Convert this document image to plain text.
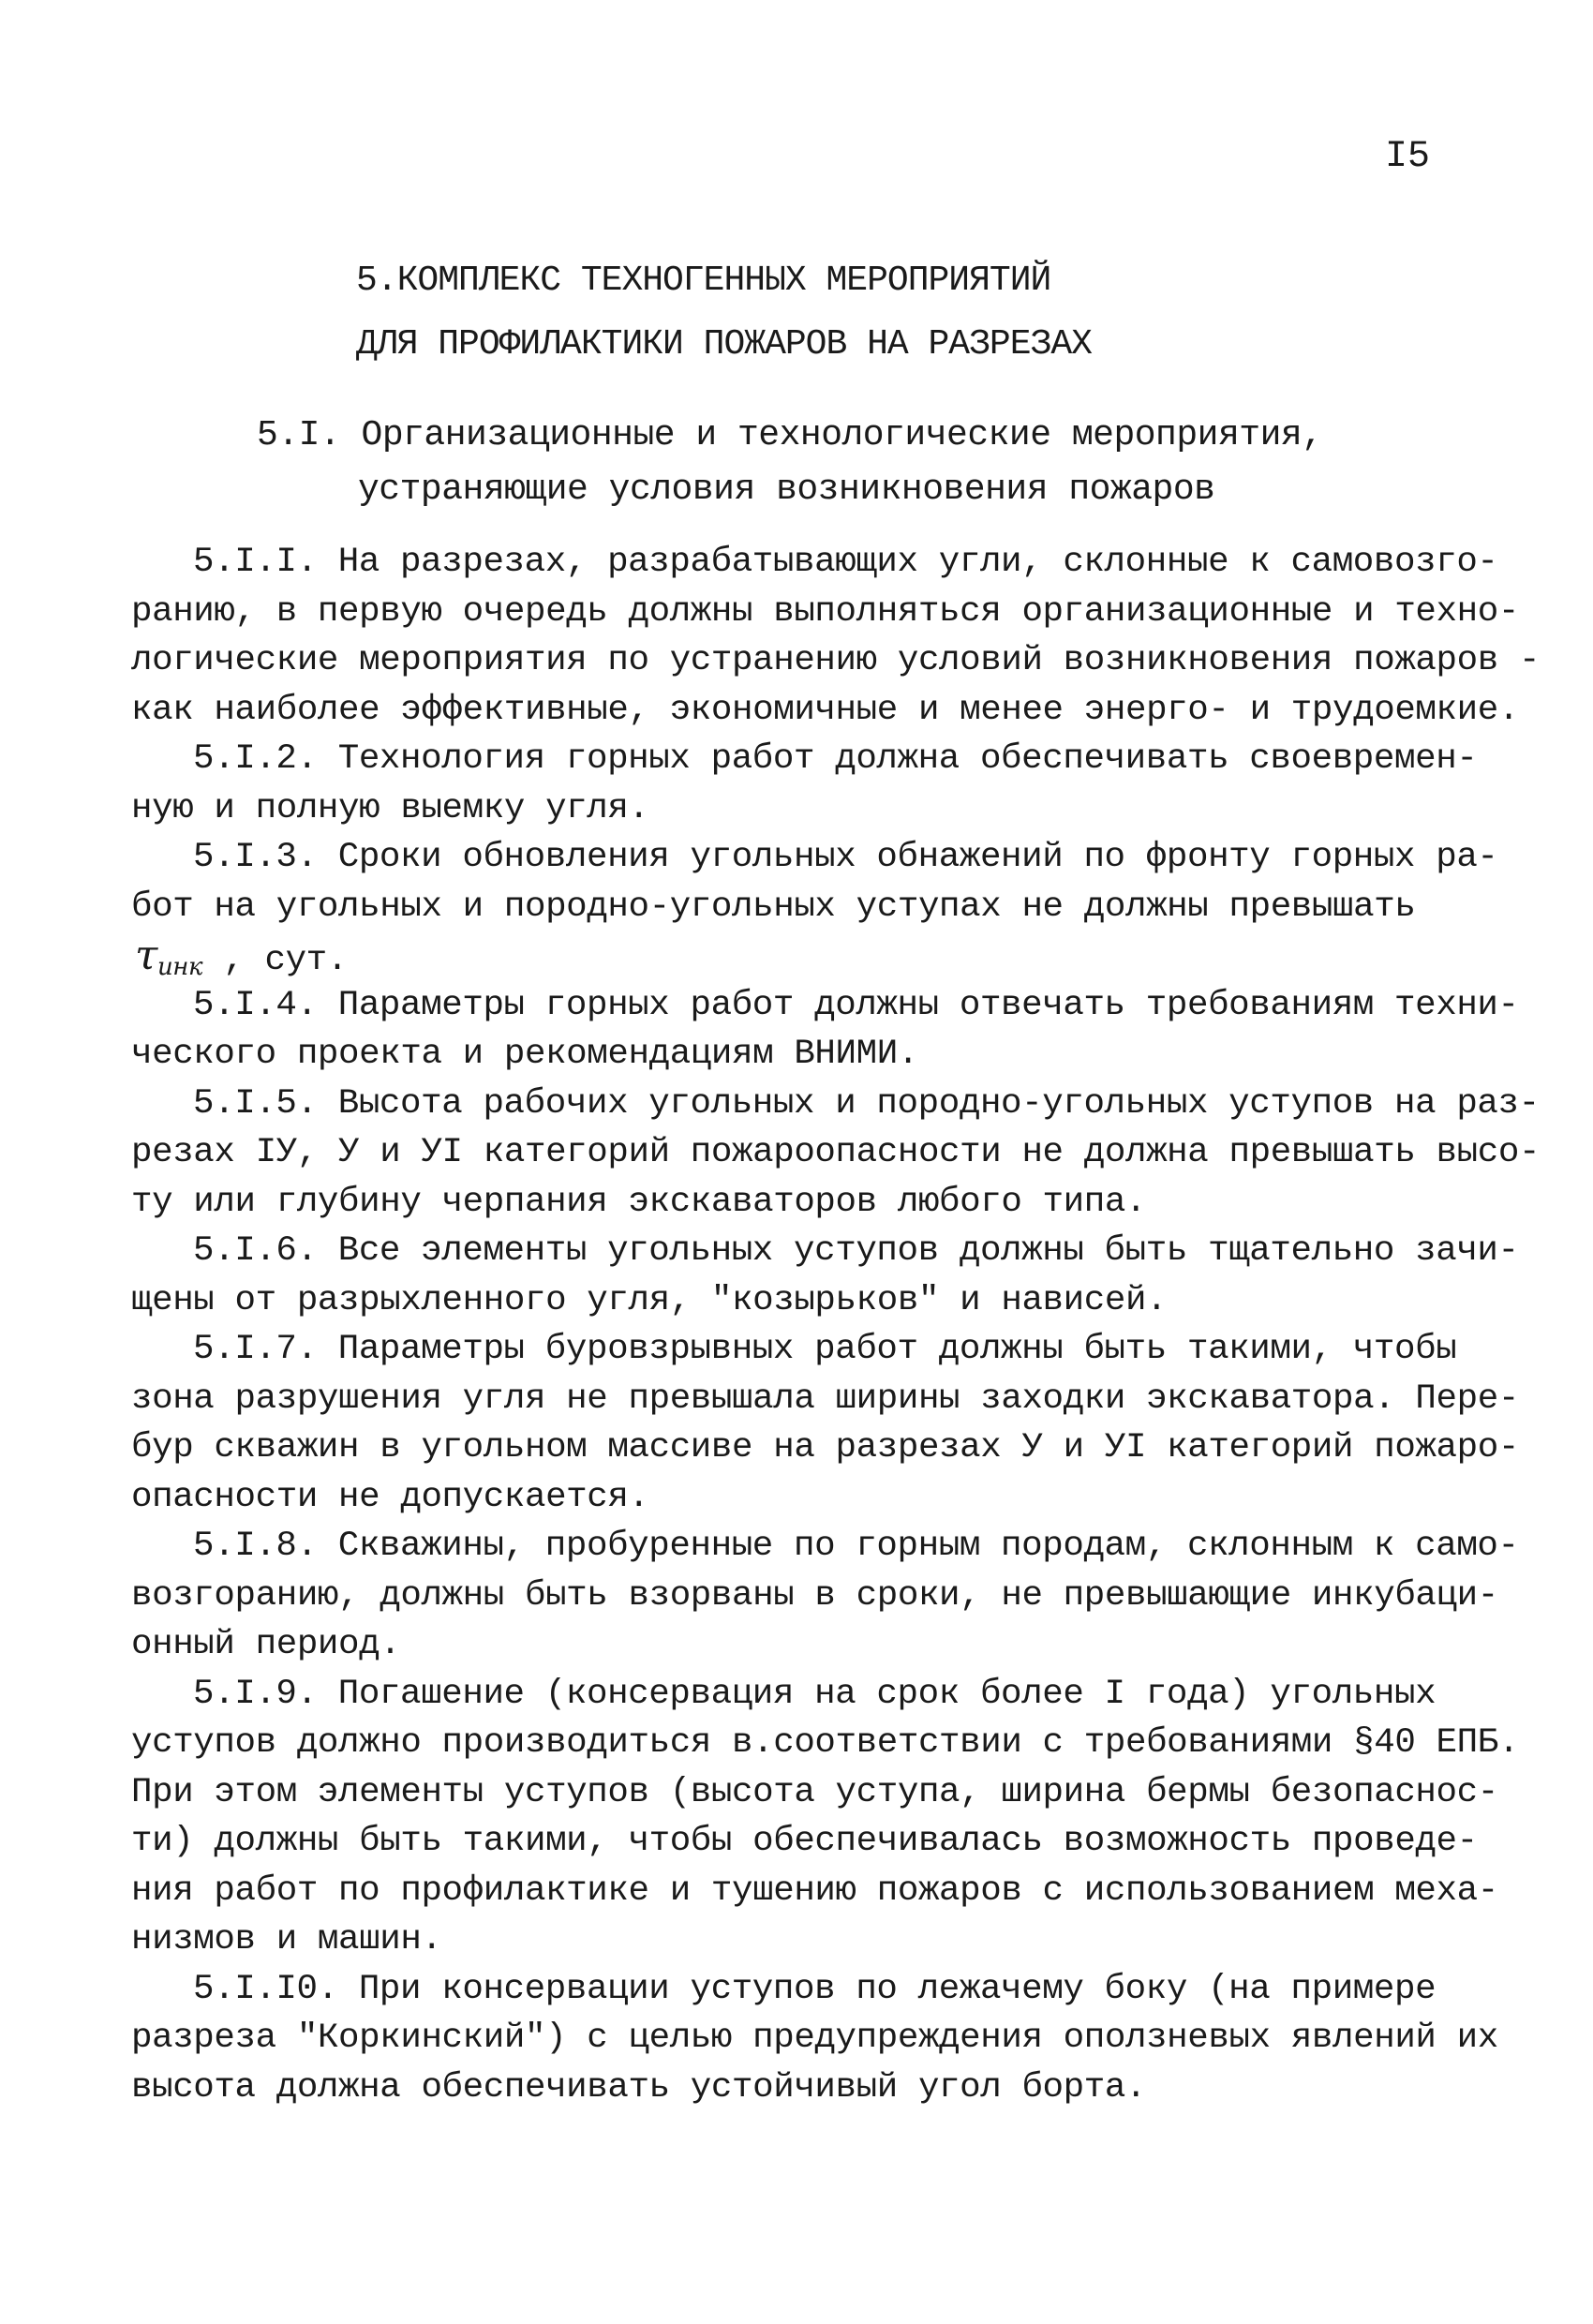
I5
5.КОМПЛЕКС ТЕХНОГЕННЫХ МЕРОПРИЯТИЙ
ДЛЯ ПРОФИЛАКТИКИ ПОЖАРОВ НА РАЗРЕЗАХ
5.I. Организационные и технологические мероприятия,
устраняющие условия возникновения пожаров
5.I.I. На разрезах, разрабатывающих угли, склонные к самовозго-
ранию, в первую очередь должны выполняться организационные и техно-
логические мероприятия по устранению условий возникновения пожаров -
как наиболее эффективные, экономичные и менее энерго- и трудоемкие.
5.I.2. Технология горных работ должна обеспечивать своевремен-
ную и полную выемку угля.
5.I.3. Сроки обновления угольных обнажений по фронту горных ра-
бот на угольных и породно-угольных уступах не должны превышать
$\tau_{инк}$ , сут.
5.I.4. Параметры горных работ должны отвечать требованиям техни-
ческого проекта и рекомендациям ВНИМИ.
5.I.5. Высота рабочих угольных и породно-угольных уступов на раз-
резах IУ, У и УI категорий пожароопасности не должна превышать высо-
ту или глубину черпания экскаваторов любого типа.
5.I.6. Все элементы угольных уступов должны быть тщательно зачи-
щены от разрыхленного угля, "козырьков" и нависей.
5.I.7. Параметры буровзрывных работ должны быть такими, чтобы
зона разрушения угля не превышала ширины заходки экскаватора. Пере-
бур скважин в угольном массиве на разрезах У и УI категорий пожаро-
опасности не допускается.
5.I.8. Скважины, пробуренные по горным породам, склонным к само-
возгоранию, должны быть взорваны в сроки, не превышающие инкубаци-
онный период.
5.I.9. Погашение (консервация на срок более I года) угольных
уступов должно производиться в.соответствии с требованиями §40 ЕПБ.
При этом элементы уступов (высота уступа, ширина бермы безопаснос-
ти) должны быть такими, чтобы обеспечивалась возможность проведе-
ния работ по профилактике и тушению пожаров с использованием меха-
низмов и машин.
5.I.I0. При консервации уступов по лежачему боку (на примере
разреза "Коркинский") с целью предупреждения оползневых явлений их
высота должна обеспечивать устойчивый угол борта.
